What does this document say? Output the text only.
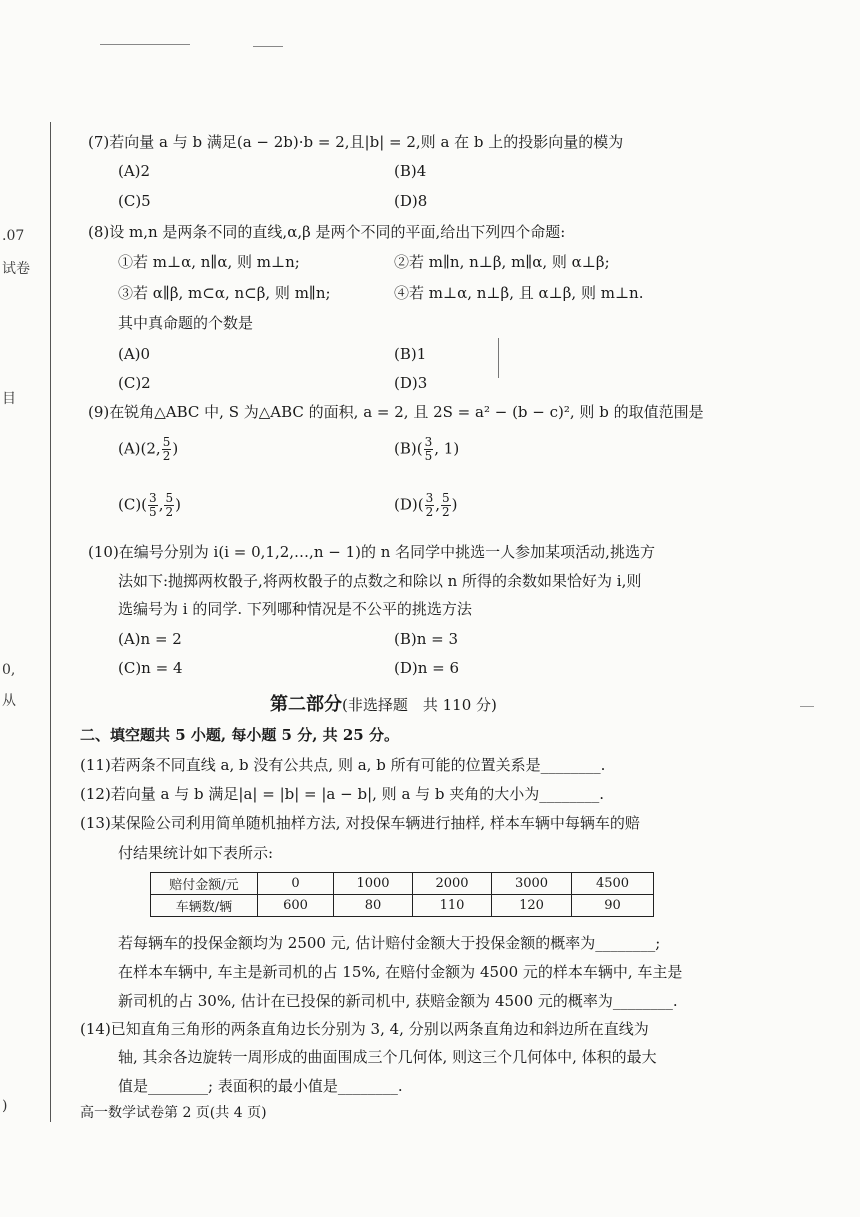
.07
试卷
目
0,
从
)
(7)若向量 a 与 b 满足(a − 2b)·b = 2,且|b| = 2,则 a 在 b 上的投影向量的模为
(A)2	(B)4
(C)5	(D)8
(8)设 m,n 是两条不同的直线,α,β 是两个不同的平面,给出下列四个命题:
①若 m⊥α, n∥α, 则 m⊥n;	②若 m∥n, n⊥β, m∥α, 则 α⊥β;
③若 α∥β, m⊂α, n⊂β, 则 m∥n;	④若 m⊥α, n⊥β, 且 α⊥β, 则 m⊥n.
其中真命题的个数是
(A)0	(B)1
(C)2	(D)3
(9)在锐角△ABC 中, S 为△ABC 的面积, a = 2, 且 2S = a² − (b − c)², 则 b 的取值范围是
(A)(2, $\frac{5}{2}$ )	$(B)( \frac{3}{5}$ , 1)
$(C)( \frac{3}{5}$ , $\frac{5}{2}$ )	$(D)( \frac{3}{2}$ , $\frac{5}{2}$ )
(10)在编号分别为 i(i = 0,1,2,…,n − 1)的 n 名同学中挑选一人参加某项活动,挑选方
法如下:抛掷两枚骰子,将两枚骰子的点数之和除以 n 所得的余数如果恰好为 i,则
选编号为 i 的同学. 下列哪种情况是不公平的挑选方法
(A)n = 2	(B)n = 3
(C)n = 4	(D)n = 6
第二部分(非选择题　共 110 分)
二、填空题共 5 小题, 每小题 5 分, 共 25 分。
(11)若两条不同直线 a, b 没有公共点, 则 a, b 所有可能的位置关系是________.
(12)若向量 a 与 b 满足|a| = |b| = |a − b|, 则 a 与 b 夹角的大小为________.
(13)某保险公司利用简单随机抽样方法, 对投保车辆进行抽样, 样本车辆中每辆车的赔
付结果统计如下表所示:
赔付金额/元	0	1000	2000	3000	4500
车辆数/辆	600	80	110	120	90
若每辆车的投保金额均为 2500 元, 估计赔付金额大于投保金额的概率为________;
在样本车辆中, 车主是新司机的占 15%, 在赔付金额为 4500 元的样本车辆中, 车主是
新司机的占 30%, 估计在已投保的新司机中, 获赔金额为 4500 元的概率为________.
(14)已知直角三角形的两条直角边长分别为 3, 4, 分别以两条直角边和斜边所在直线为
轴, 其余各边旋转一周形成的曲面围成三个几何体, 则这三个几何体中, 体积的最大
值是________; 表面积的最小值是________.
高一数学试卷第 2 页(共 4 页)
